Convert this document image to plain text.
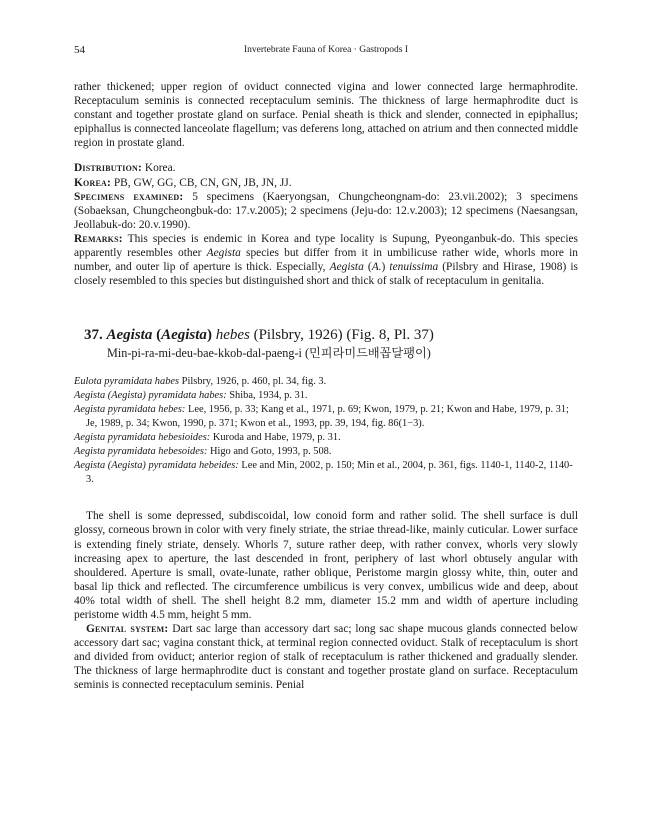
54	Invertebrate Fauna of Korea · Gastropods I

rather thickened; upper region of oviduct connected vigina and lower connected large hermaphrodite. Receptaculum seminis is connected receptaculum seminis. The thickness of large hermaphrodite duct is constant and together prostate gland on surface. Penial sheath is thick and slender, connected in epiphallus; epiphallus is connected lanceolate flagellum; vas deferens long, attached on atrium and then connected middle region in prostate gland.

Distribution: Korea.

Korea: PB, GW, GG, CB, CN, GN, JB, JN, JJ.

Specimens examined: 5 specimens (Kaeryongsan, Chungcheongnam-do: 23.vii.2002); 3 specimens (Sobaeksan, Chungcheongbuk-do: 17.v.2005); 2 specimens (Jeju-do: 12.v.2003); 12 specimens (Naesangsan, Jeollabuk-do: 20.v.1990).

Remarks: This species is endemic in Korea and type locality is Supung, Pyeonganbuk-do. This species apparently resembles other Aegista species but differ from it in umbilicuse rather wide, whorls more in number, and outer lip of aperture is thick. Especially, Aegista (A.) tenuissima (Pilsbry and Hirase, 1908) is closely resembled to this species but distinguished short and thick of stalk of receptaculum in genitalia.

37. Aegista (Aegista) hebes (Pilsbry, 1926) (Fig. 8, Pl. 37)
Min-pi-ra-mi-deu-bae-kkob-dal-paeng-i (민피라미드배꼽달팽이)

Eulota pyramidata habes Pilsbry, 1926, p. 460, pl. 34, fig. 3.

Aegista (Aegista) pyramidata habes: Shiba, 1934, p. 31.

Aegista pyramidata hebes: Lee, 1956, p. 33; Kang et al., 1971, p. 69; Kwon, 1979, p. 21; Kwon and Habe, 1979, p. 31; Je, 1989, p. 34; Kwon, 1990, p. 371; Kwon et al., 1993, pp. 39, 194, fig. 86(1−3).

Aegista pyramidata hebesioides: Kuroda and Habe, 1979, p. 31.

Aegista pyramidata hebesoides: Higo and Goto, 1993, p. 508.

Aegista (Aegista) pyramidata hebeides: Lee and Min, 2002, p. 150; Min et al., 2004, p. 361, figs. 1140-1, 1140-2, 1140-3.

The shell is some depressed, subdiscoidal, low conoid form and rather solid. The shell surface is dull glossy, corneous brown in color with very finely striate, the striae thread-like, mainly cuticular. Lower surface is extending finely striate, densely. Whorls 7, suture rather deep, with rather convex, whorls very slowly increasing apex to aperture, the last descended in front, periphery of last whorl obtusely angular with shouldered. Aperture is small, ovate-lunate, rather oblique, Peristome margin glossy white, thin, outer and basal lip thick and reflected. The circumference umbilicus is very convex, umbilicus wide and deep, about 40% total width of shell. The shell height 8.2 mm, diameter 15.2 mm and width of aperture including peristome width 4.5 mm, height 5 mm.

Genital system: Dart sac large than accessory dart sac; long sac shape mucous glands connected below accessory dart sac; vagina constant thick, at terminal region connected oviduct. Stalk of receptaculum is short and divided from oviduct; anterior region of stalk of receptaculum is rather thickened and gradually slender. The thickness of large hermaphrodite duct is constant and together prostate gland on surface. Receptaculum seminis is connected receptaculum seminis. Penial
